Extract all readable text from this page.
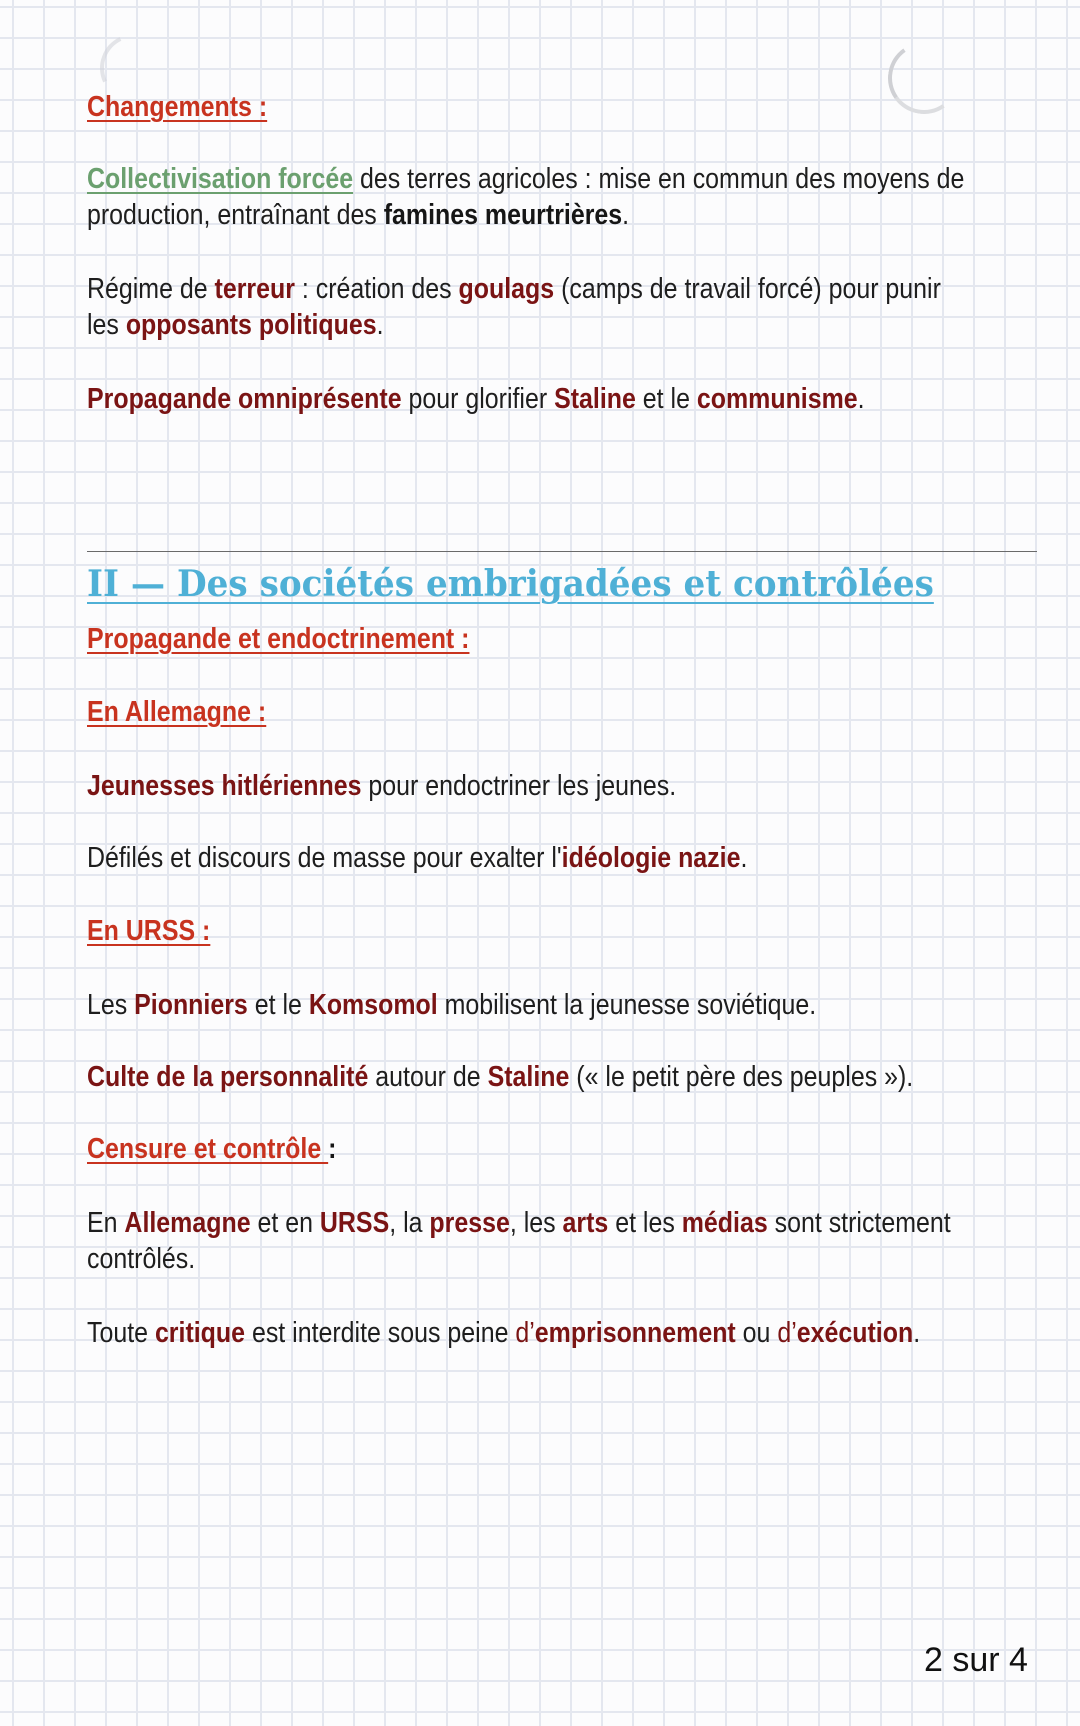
Changements :
Collectivisation forcée des terres agricoles : mise en commun des moyens de
production, entraînant des famines meurtrières.
Régime de terreur : création des goulags (camps de travail forcé) pour punir
les opposants politiques.
Propagande omniprésente pour glorifier Staline et le communisme.
II — Des sociétés embrigadées et contrôlées
Propagande et endoctrinement :
En Allemagne :
Jeunesses hitlériennes pour endoctriner les jeunes.
Défilés et discours de masse pour exalter l'idéologie nazie.
En URSS :
Les Pionniers et le Komsomol mobilisent la jeunesse soviétique.
Culte de la personnalité autour de Staline (« le petit père des peuples »).
Censure et contrôle :
En Allemagne et en URSS, la presse, les arts et les médias sont strictement
contrôlés.
Toute critique est interdite sous peine d’emprisonnement ou d’exécution.
2 sur 4
